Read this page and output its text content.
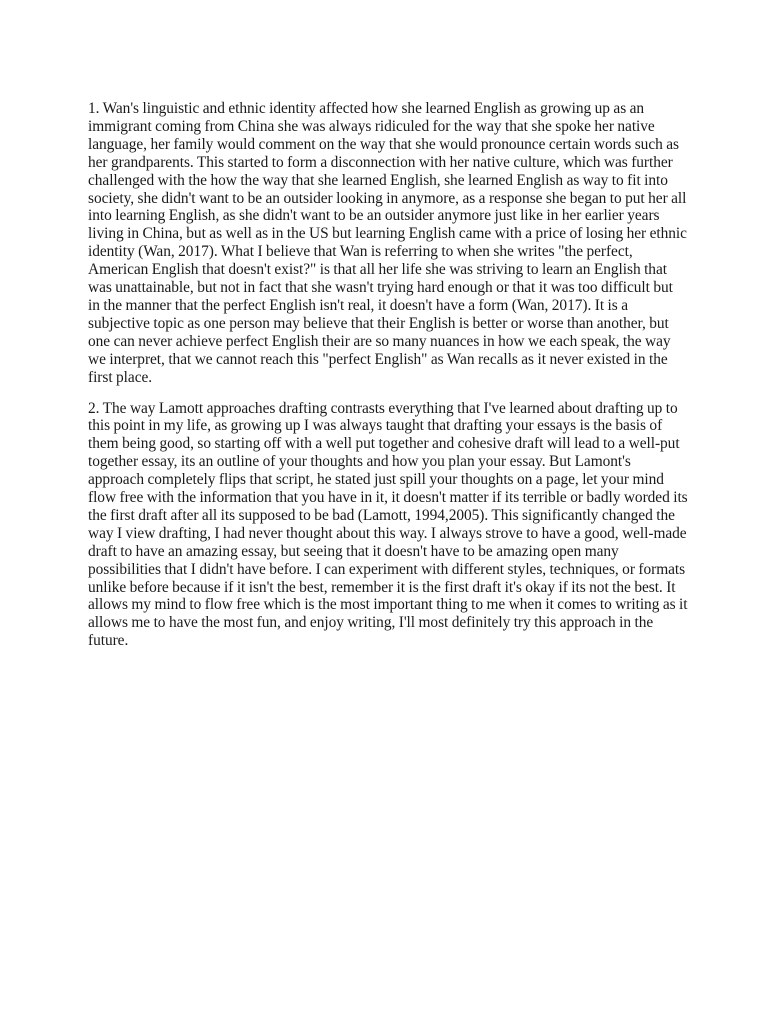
1. Wan's linguistic and ethnic identity affected how she learned English as growing up as an immigrant coming from China she was always ridiculed for the way that she spoke her native language, her family would comment on the way that she would pronounce certain words such as her grandparents. This started to form a disconnection with her native culture, which was further challenged with the how the way that she learned English, she learned English as way to fit into society, she didn't want to be an outsider looking in anymore, as a response she began to put her all into learning English, as she didn't want to be an outsider anymore just like in her earlier years living in China, but as well as in the US but learning English came with a price of losing her ethnic identity (Wan, 2017). What I believe that Wan is referring to when she writes "the perfect, American English that doesn't exist?" is that all her life she was striving to learn an English that was unattainable, but not in fact that she wasn't trying hard enough or that it was too difficult but in the manner that the perfect English isn't real, it doesn't have a form (Wan, 2017). It is a subjective topic as one person may believe that their English is better or worse than another, but one can never achieve perfect English their are so many nuances in how we each speak, the way we interpret, that we cannot reach this "perfect English" as Wan recalls as it never existed in the first place.

2. The way Lamott approaches drafting contrasts everything that I've learned about drafting up to this point in my life, as growing up I was always taught that drafting your essays is the basis of them being good, so starting off with a well put together and cohesive draft will lead to a well-put together essay, its an outline of your thoughts and how you plan your essay. But Lamont's approach completely flips that script, he stated just spill your thoughts on a page, let your mind flow free with the information that you have in it, it doesn't matter if its terrible or badly worded its the first draft after all its supposed to be bad (Lamott, 1994,2005). This significantly changed the way I view drafting, I had never thought about this way. I always strove to have a good, well-made draft to have an amazing essay, but seeing that it doesn't have to be amazing open many possibilities that I didn't have before. I can experiment with different styles, techniques, or formats unlike before because if it isn't the best, remember it is the first draft it's okay if its not the best. It allows my mind to flow free which is the most important thing to me when it comes to writing as it allows me to have the most fun, and enjoy writing, I'll most definitely try this approach in the future.
